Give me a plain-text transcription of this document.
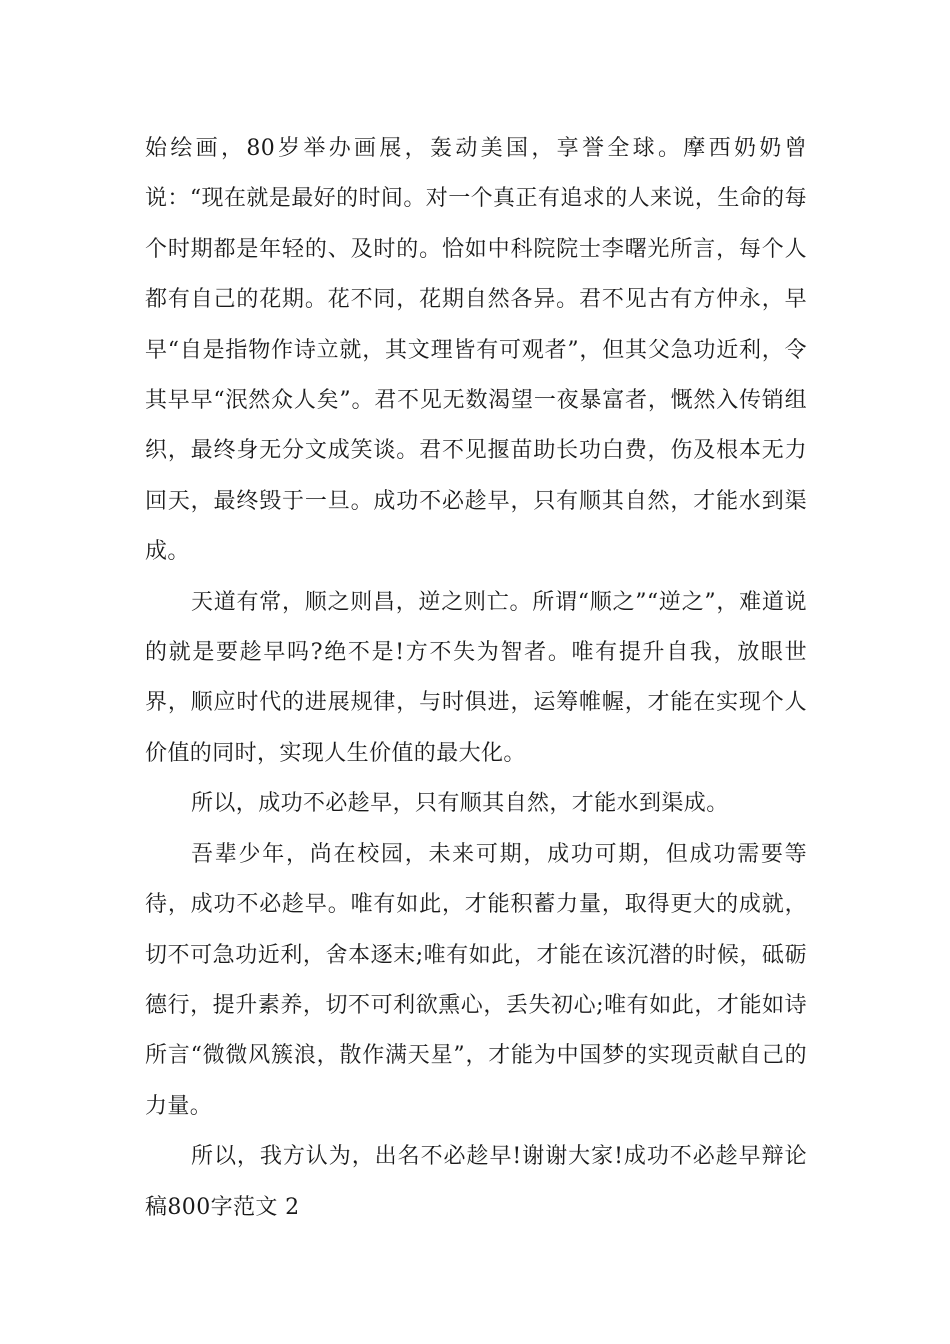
始绘画，80岁举办画展，轰动美国，享誉全球。摩西奶奶曾说：“现在就是最好的时间。对一个真正有追求的人来说，生命的每个时期都是年轻的、及时的。恰如中科院院士李曙光所言，每个人都有自己的花期。花不同，花期自然各异。君不见古有方仲永，早早“自是指物作诗立就，其文理皆有可观者”，但其父急功近利，令其早早“泯然众人矣”。君不见无数渴望一夜暴富者，慨然入传销组织，最终身无分文成笑谈。君不见揠苗助长功白费，伤及根本无力回天，最终毁于一旦。成功不必趁早，只有顺其自然，才能水到渠成。

天道有常，顺之则昌，逆之则亡。所谓“顺之”“逆之”，难道说的就是要趁早吗?绝不是!方不失为智者。唯有提升自我，放眼世界，顺应时代的进展规律，与时俱进，运筹帷幄，才能在实现个人价值的同时，实现人生价值的最大化。

所以，成功不必趁早，只有顺其自然，才能水到渠成。

吾辈少年，尚在校园，未来可期，成功可期，但成功需要等待，成功不必趁早。唯有如此，才能积蓄力量，取得更大的成就，切不可急功近利，舍本逐末;唯有如此，才能在该沉潜的时候，砥砺德行，提升素养，切不可利欲熏心，丢失初心;唯有如此，才能如诗所言“微微风簇浪，散作满天星”，才能为中国梦的实现贡献自己的力量。

所以，我方认为，出名不必趁早!谢谢大家!成功不必趁早辩论稿800字范文 2
